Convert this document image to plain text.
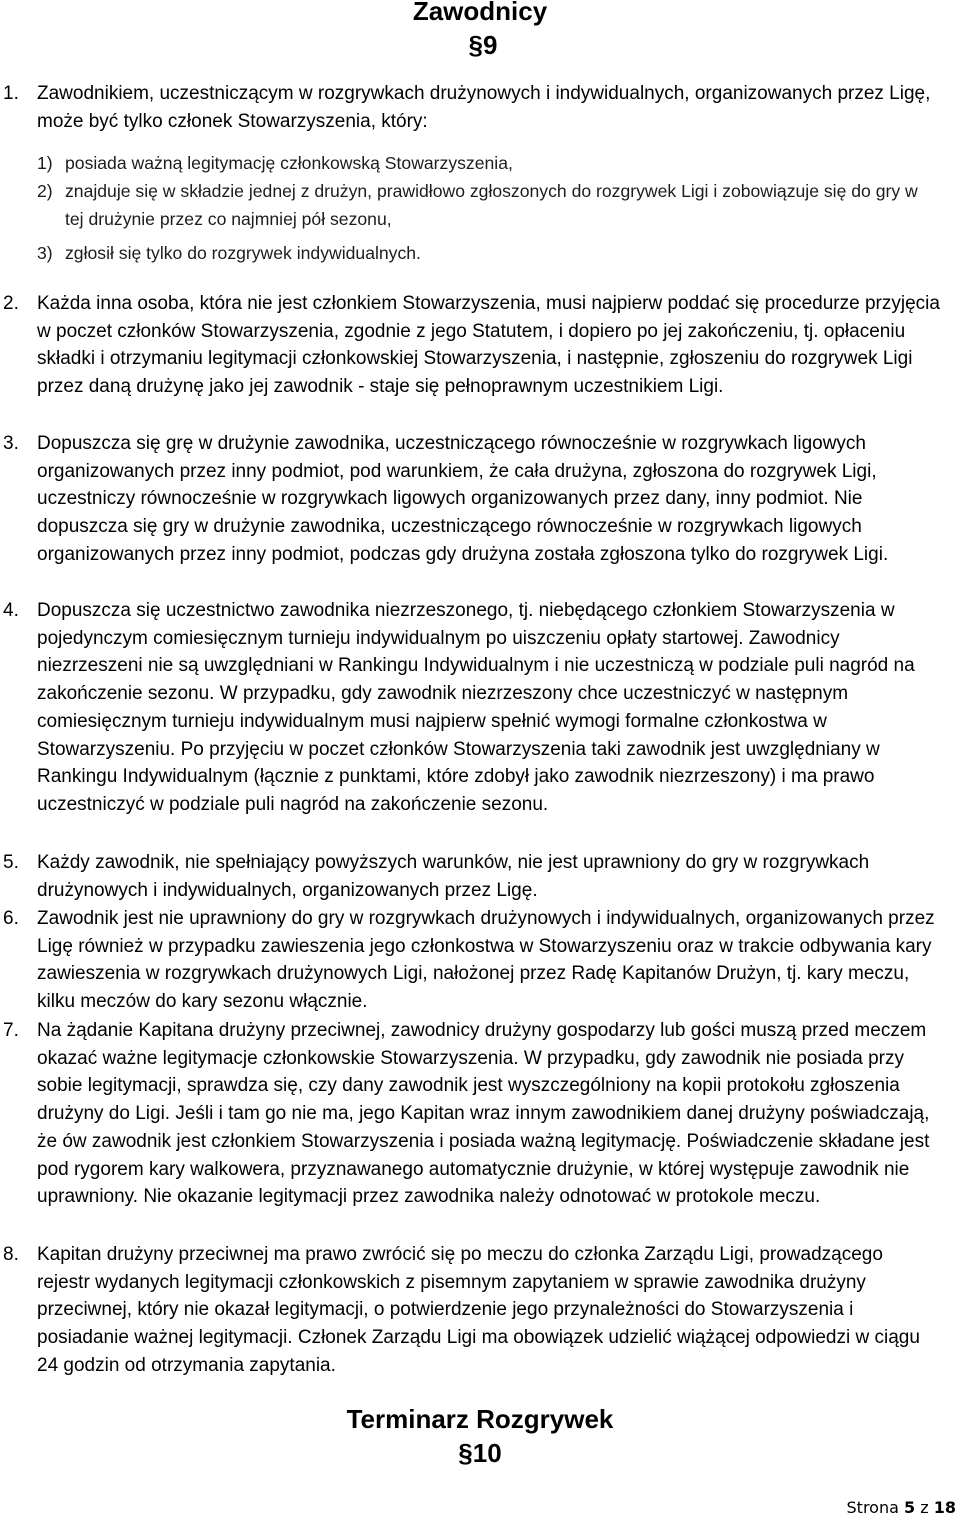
Zawodnicy
§9

1. Zawodnikiem, uczestniczącym w rozgrywkach drużynowych i indywidualnych, organizowanych przez Ligę, może być tylko członek Stowarzyszenia, który:

1) posiada ważną legitymację członkowską Stowarzyszenia,

2) znajduje się w składzie jednej z drużyn, prawidłowo zgłoszonych do rozgrywek Ligi i zobowiązuje się do gry w tej drużynie przez co najmniej pół sezonu,

3) zgłosił się tylko do rozgrywek indywidualnych.

2. Każda inna osoba, która nie jest członkiem Stowarzyszenia, musi najpierw poddać się procedurze przyjęcia w poczet członków Stowarzyszenia, zgodnie z jego Statutem, i dopiero po jej zakończeniu, tj. opłaceniu składki i otrzymaniu legitymacji członkowskiej Stowarzyszenia, i następnie, zgłoszeniu do rozgrywek Ligi przez daną drużynę jako jej zawodnik - staje się pełnoprawnym uczestnikiem Ligi.

3. Dopuszcza się grę w drużynie zawodnika, uczestniczącego równocześnie w rozgrywkach ligowych organizowanych przez inny podmiot, pod warunkiem, że cała drużyna, zgłoszona do rozgrywek Ligi, uczestniczy równocześnie w rozgrywkach ligowych organizowanych przez dany, inny podmiot. Nie dopuszcza się gry w drużynie zawodnika, uczestniczącego równocześnie w rozgrywkach ligowych organizowanych przez inny podmiot, podczas gdy drużyna została zgłoszona tylko do rozgrywek Ligi.

4. Dopuszcza się uczestnictwo zawodnika niezrzeszonego, tj. niebędącego członkiem Stowarzyszenia w pojedynczym comiesięcznym turnieju indywidualnym po uiszczeniu opłaty startowej. Zawodnicy niezrzeszeni nie są uwzględniani w Rankingu Indywidualnym i nie uczestniczą w podziale puli nagród na zakończenie sezonu. W przypadku, gdy zawodnik niezrzeszony chce uczestniczyć w następnym comiesięcznym turnieju indywidualnym musi najpierw spełnić wymogi formalne członkostwa w Stowarzyszeniu. Po przyjęciu w poczet członków Stowarzyszenia taki zawodnik jest uwzględniany w Rankingu Indywidualnym (łącznie z punktami, które zdobył jako zawodnik niezrzeszony) i ma prawo uczestniczyć w podziale puli nagród na zakończenie sezonu.

5. Każdy zawodnik, nie spełniający powyższych warunków, nie jest uprawniony do gry w rozgrywkach drużynowych i indywidualnych, organizowanych przez Ligę.

6. Zawodnik jest nie uprawniony do gry w rozgrywkach drużynowych i indywidualnych, organizowanych przez Ligę również w przypadku zawieszenia jego członkostwa w Stowarzyszeniu oraz w trakcie odbywania kary zawieszenia w rozgrywkach drużynowych Ligi, nałożonej przez Radę Kapitanów Drużyn, tj. kary meczu, kilku meczów do kary sezonu włącznie.

7. Na żądanie Kapitana drużyny przeciwnej, zawodnicy drużyny gospodarzy lub gości muszą przed meczem okazać ważne legitymacje członkowskie Stowarzyszenia. W przypadku, gdy zawodnik nie posiada przy sobie legitymacji, sprawdza się, czy dany zawodnik jest wyszczególniony na kopii protokołu zgłoszenia drużyny do Ligi. Jeśli i tam go nie ma, jego Kapitan wraz innym zawodnikiem danej drużyny poświadczają, że ów zawodnik jest członkiem Stowarzyszenia i posiada ważną legitymację. Poświadczenie składane jest pod rygorem kary walkowera, przyznawanego automatycznie drużynie, w której występuje zawodnik nie uprawniony. Nie okazanie legitymacji przez zawodnika należy odnotować w protokole meczu.

8. Kapitan drużyny przeciwnej ma prawo zwrócić się po meczu do członka Zarządu Ligi, prowadzącego rejestr wydanych legitymacji członkowskich z pisemnym zapytaniem w sprawie zawodnika drużyny przeciwnej, który nie okazał legitymacji, o potwierdzenie jego przynależności do Stowarzyszenia i posiadanie ważnej legitymacji. Członek Zarządu Ligi ma obowiązek udzielić wiążącej odpowiedzi w ciągu 24 godzin od otrzymania zapytania.

Terminarz Rozgrywek
§10
Strona 5 z 18
